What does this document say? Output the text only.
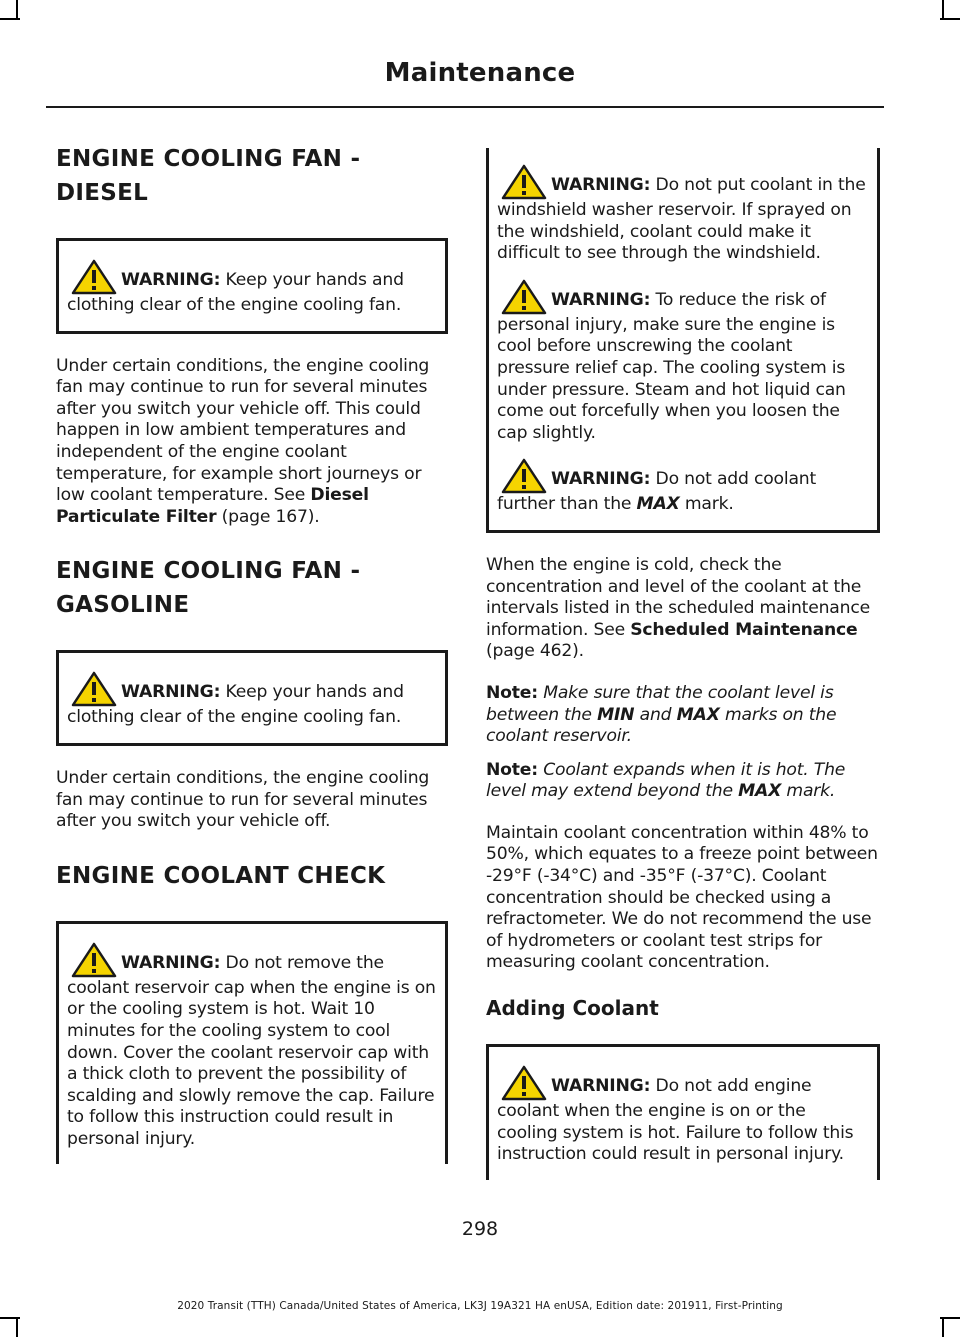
Maintenance
ENGINE COOLING FAN -
DIESEL

WARNING: Keep your hands and clothing clear of the engine cooling fan.

Under certain conditions, the engine cooling fan may continue to run for several minutes after you switch your vehicle off. This could happen in low ambient temperatures and independent of the engine coolant temperature, for example short journeys or low coolant temperature. See Diesel Particulate Filter (page 167).

ENGINE COOLING FAN -
GASOLINE

WARNING: Keep your hands and clothing clear of the engine cooling fan.

Under certain conditions, the engine cooling fan may continue to run for several minutes after you switch your vehicle off.

ENGINE COOLANT CHECK

WARNING: Do not remove the coolant reservoir cap when the engine is on or the cooling system is hot. Wait 10 minutes for the cooling system to cool down. Cover the coolant reservoir cap with a thick cloth to prevent the possibility of scalding and slowly remove the cap. Failure to follow this instruction could result in personal injury.

WARNING: Do not put coolant in the windshield washer reservoir. If sprayed on the windshield, coolant could make it difficult to see through the windshield.

WARNING: To reduce the risk of personal injury, make sure the engine is cool before unscrewing the coolant pressure relief cap. The cooling system is under pressure. Steam and hot liquid can come out forcefully when you loosen the cap slightly.

WARNING: Do not add coolant further than the MAX mark.

When the engine is cold, check the concentration and level of the coolant at the intervals listed in the scheduled maintenance information. See Scheduled Maintenance (page 462).

Note: Make sure that the coolant level is between the MIN and MAX marks on the coolant reservoir.

Note: Coolant expands when it is hot. The level may extend beyond the MAX mark.

Maintain coolant concentration within 48% to 50%, which equates to a freeze point between -29°F (-34°C) and -35°F (-37°C). Coolant concentration should be checked using a refractometer. We do not recommend the use of hydrometers or coolant test strips for measuring coolant concentration.

Adding Coolant

WARNING: Do not add engine coolant when the engine is on or the cooling system is hot. Failure to follow this instruction could result in personal injury.

298
2020 Transit (TTH) Canada/United States of America, LK3J 19A321 HA enUSA, Edition date: 201911, First-Printing
